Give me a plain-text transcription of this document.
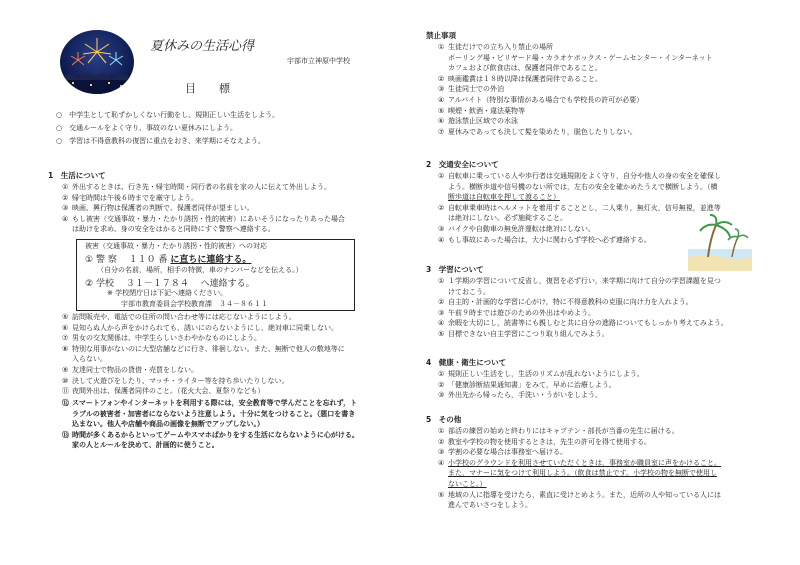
夏休みの生活心得
宇部市立神原中学校
目　標
○　 中学生として恥ずかしくない行動をし、規則正しい生活をしよう。
○　 交通ルールをよく守り、事故のない夏休みにしよう。
○　 学習は不得意教科の復習に重点をおき、来学期にそなえよう。
1　 生活について
① 外出するときは、行き先・帰宅時間・同行者の名前を家の人に伝えて外出しよう。
② 帰宅時間は午後６時までを厳守しよう。
③ 映画、興行物は保護者の判断で、保護者同伴が望ましい。
④ もし被害（交通事故・暴力・たかり誘拐・性的被害）にあいそうになったりあった場合
は助けを求め、身の安全をはかると同時にすぐ警察へ連絡する。
被害（交通事故・暴力・たかり誘拐・性的被害）への対応
① 警 察　 １１０ 番 に直ちに連絡する。
（自分の名前，場所，相手の特徴，車のナンバーなどを伝える。）
② 学校　 ３１－１７８４　 へ連絡する。
※ 学校閉庁日は下記へ連絡ください。
宇部市教育委員会学校教育課　３４－８６１１
⑤ 訪問販売や、電話での住所の問い合わせ等には応じないようにしよう。
⑥ 見知らぬ人から声をかけられても、誘いにのらないようにし、絶対車に同乗しない。
⑦ 男女の交友関係は、中学生らしいさわやかなものにしよう。
⑧ 特別な用事がないのに大型店舗などに行き、徘徊しない。また、無断で他人の敷地等に
入らない。
⑨ 友達同士で物品の貸借・売買をしない。
⑩ 決して火遊びをしたり、マッチ・ライター等を持ち歩いたりしない。
⑪ 夜間外出は、保護者同伴のこと。（花火大会、夏祭りなども）
⑫ スマートフォンやインターネットを利用する際には，安全教育等で学んだことを忘れず，ト
ラブルの被害者・加害者にならないよう注意しよう。十分に気をつけること。（悪口を書き
込まない。他人や店舗や商品の画像を無断でアップしない。）
⑬ 時間が多くあるからといってゲームやスマホばかりをする生活にならないように心がける。
家の人とルールを決めて、計画的に使うこと。
禁止事項
① 生徒だけでの立ち入り禁止の場所
ボーリング場・ビリヤード場・カラオケボックス・ゲームセンター・インターネット
カフェおよび飲食店は、保護者同伴であること。
② 映画鑑賞は１８時以降は保護者同伴であること。
③ 生徒同士での外泊
④ アルバイト（特別な事情がある場合でも学校長の許可が必要）
⑤ 喫煙・飲酒・違法薬物等
⑥ 遊泳禁止区域での水泳
⑦ 夏休みであっても決して髪を染めたり，脱色したりしない。
2　 交通安全について
① 自転車に乗っている人や歩行者は交通規則をよく守り，自分や他人の身の安全を確保し
よう。横断歩道や信号機のない所では，左右の安全を確かめたうえで横断しよう。（横
断歩道は自転車を押して渡ること）
② 自転車乗車時はヘルメットを着用することとし，二人乗り，無灯火，信号無視，並進等
は絶対にしない。必ず施錠すること。
③ バイクや自動車の無免許運転は絶対にしない。
④ もし事故にあった場合は，大小に関わらず学校へ必ず連絡する。
3　 学習について
① １学期の学習について反省し，復習を必ず行い，来学期に向けて自分の学習課題を見つ
けておこう。
② 自主的・計画的な学習に心がけ，特に不得意教科の克服に向け力を入れよう。
③ 午前９時までは遊びのための外出はやめよう。
④ 余暇を大切にし，読書等にも親しむと共に自分の進路についてもしっかり考えてみよう。
⑤ 目標できない自主学習にこつり取り組んでみよう。
4　 健康・衛生について
① 規則正しい生活をし，生活のリズムが乱れないようにしよう。
② 「健康診断結果通知書」をみて，早めに治療しよう。
③ 外出先から帰ったら，手洗い・うがいをしよう。
5　 その他
① 部活の練習の始めと終わりにはキャプテン・部長が当番の先生に届ける。
② 教室や学校の物を使用するときは，先生の許可を得て使用する。
③ 学割の必要な場合は事務室へ届ける。
④ 小学校のグラウンドを利用させていただくときは，事務室か職員室に声をかけること。
また，マナーに気をつけて利用しよう。（飲食は禁止です。小学校の物を無断で使用し
ないこと。）
⑤ 地域の人に指導を受けたら，素直に受けとめよう。また，近所の人や知っている人には
進んであいさつをしよう。
